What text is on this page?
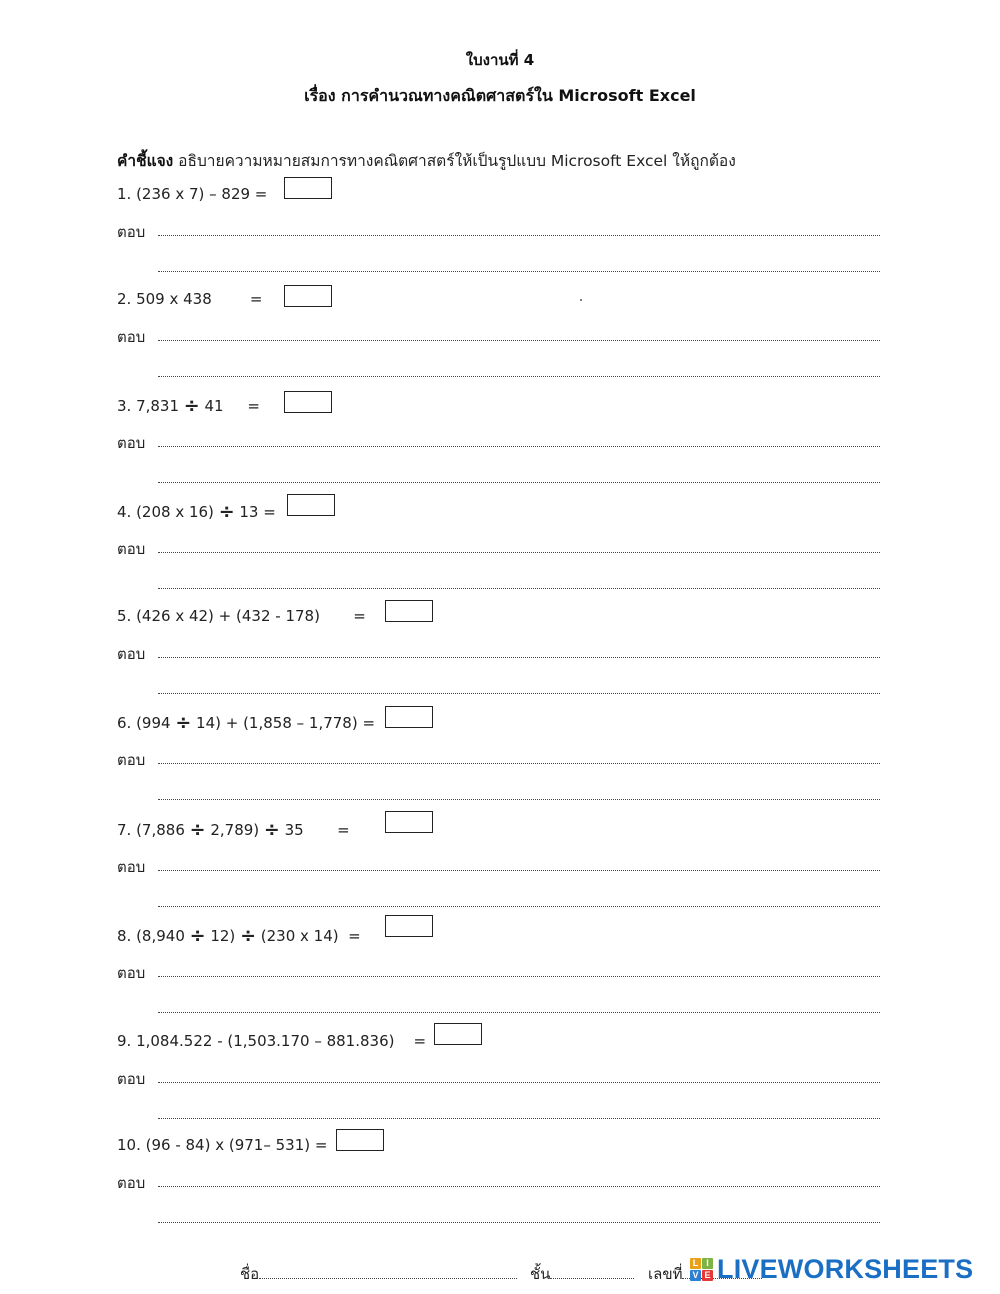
ใบงานที่ 4
เรื่อง การคำนวณทางคณิตศาสตร์ใน Microsoft Excel
คำชี้แจง อธิบายความหมายสมการทางคณิตศาสตร์ให้เป็นรูปแบบ Microsoft Excel ให้ถูกต้อง
1. (236 x 7) – 829 =
ตอบ
2. 509 x 438        =
ตอบ
3. 7,831 ÷ 41     =
ตอบ
4. (208 x 16) ÷ 13 =
ตอบ
5. (426 x 42) + (432 - 178)       =
ตอบ
6. (994 ÷ 14) + (1,858 – 1,778) =
ตอบ
7. (7,886 ÷ 2,789) ÷ 35       =
ตอบ
8. (8,940 ÷ 12) ÷ (230 x 14)  =
ตอบ
9. 1,084.522 - (1,503.170 – 881.836)    =
ตอบ
10. (96 - 84) x (971– 531) =
ตอบ
ชื่อ	ชั้น	เลขที่
L I
V E LIVEWORKSHEETS
